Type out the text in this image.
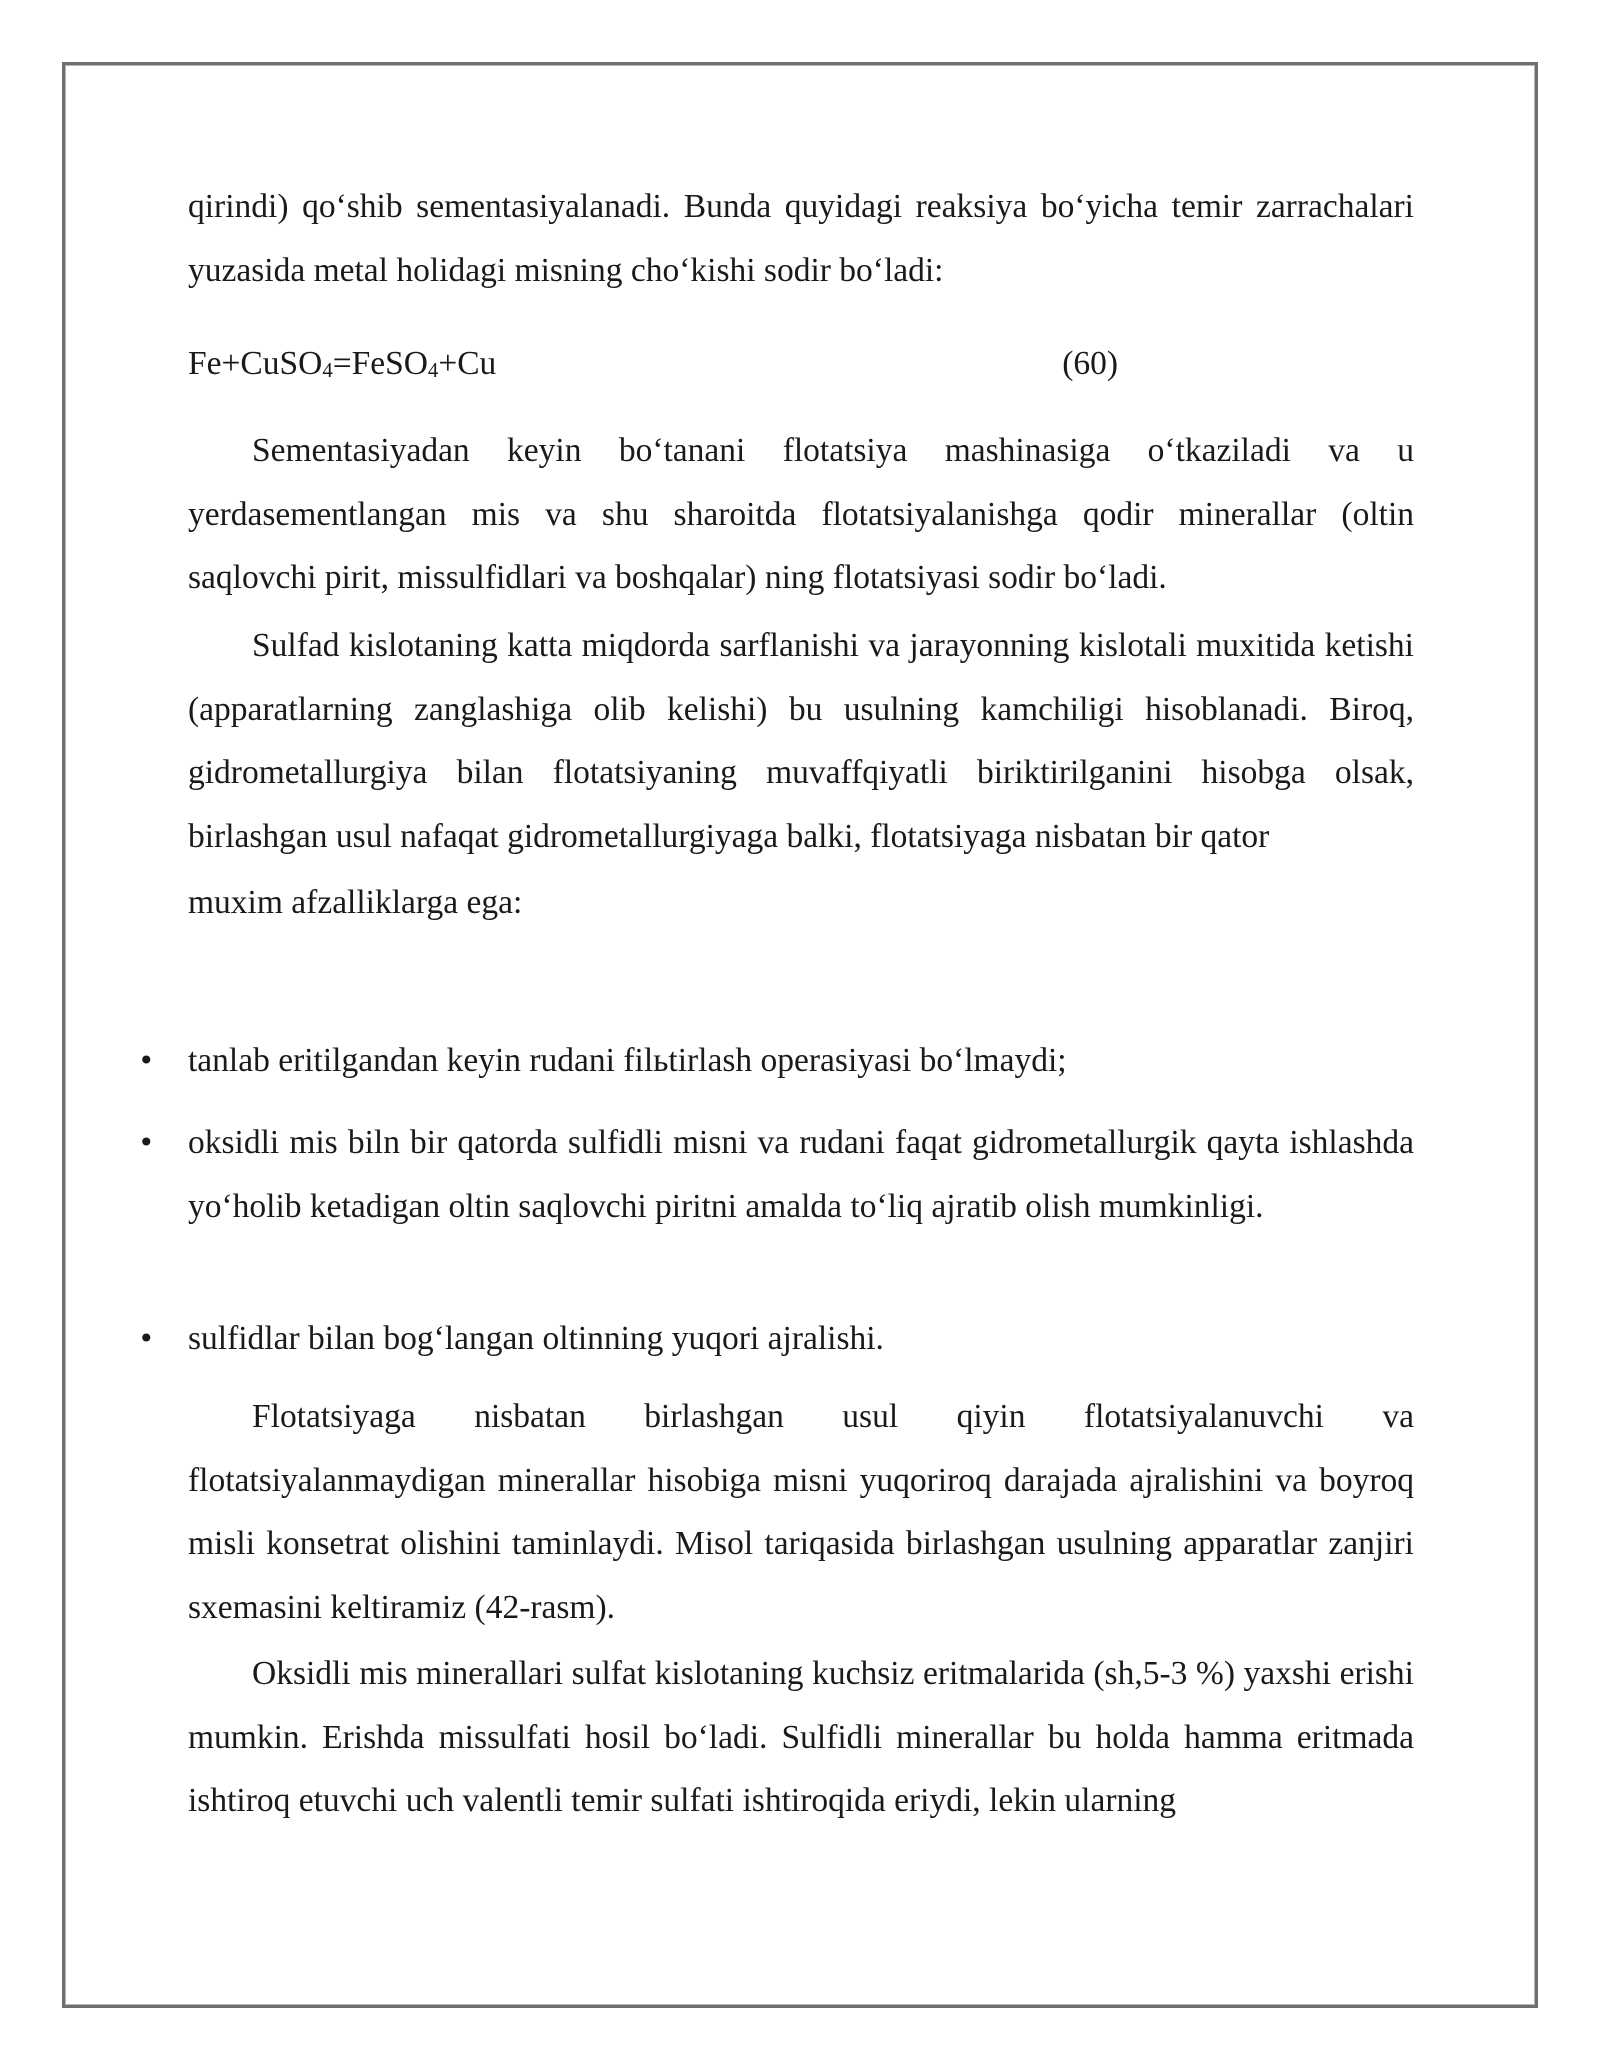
qirindi) qo‘shib sementasiyalanadi. Bunda quyidagi reaksiya bo‘yicha temir zarrachalari yuzasida metal holidagi misning cho‘kishi sodir bo‘ladi:

Fe+CuSO$_4$=FeSO$_4$+Cu	(60)

Sementasiyadan keyin bo‘tanani flotatsiya mashinasiga o‘tkaziladi va u yerdasementlangan mis va shu sharoitda flotatsiyalanishga qodir minerallar (oltin saqlovchi pirit, missulfidlari va boshqalar) ning flotatsiyasi sodir bo‘ladi.

Sulfad kislotaning katta miqdorda sarflanishi va jarayonning kislotali muxitida ketishi (apparatlarning zanglashiga olib kelishi) bu usulning kamchiligi hisoblanadi. Biroq, gidrometallurgiya bilan flotatsiyaning muvaffqiyatli biriktirilganini hisobga olsak, birlashgan usul nafaqat gidrometallurgiyaga balki, flotatsiyaga nisbatan bir qator

muxim afzalliklarga ega:

• tanlab eritilgandan keyin rudani filьtirlash operasiyasi bo‘lmaydi;

• oksidli mis biln bir qatorda sulfidli misni va rudani faqat gidrometallurgik qayta ishlashda yo‘holib ketadigan oltin saqlovchi piritni amalda to‘liq ajratib olish mumkinligi.

• sulfidlar bilan bog‘langan oltinning yuqori ajralishi.

Flotatsiyaga nisbatan birlashgan usul qiyin flotatsiyalanuvchi va flotatsiyalanmaydigan minerallar hisobiga misni yuqoriroq darajada ajralishini va boyroq misli konsetrat olishini taminlaydi. Misol tariqasida birlashgan usulning apparatlar zanjiri sxemasini keltiramiz (42-rasm).

Oksidli mis minerallari sulfat kislotaning kuchsiz eritmalarida (sh,5-3 %) yaxshi erishi mumkin. Erishda missulfati hosil bo‘ladi. Sulfidli minerallar bu holda hamma eritmada ishtiroq etuvchi uch valentli temir sulfati ishtiroqida eriydi, lekin ularning
